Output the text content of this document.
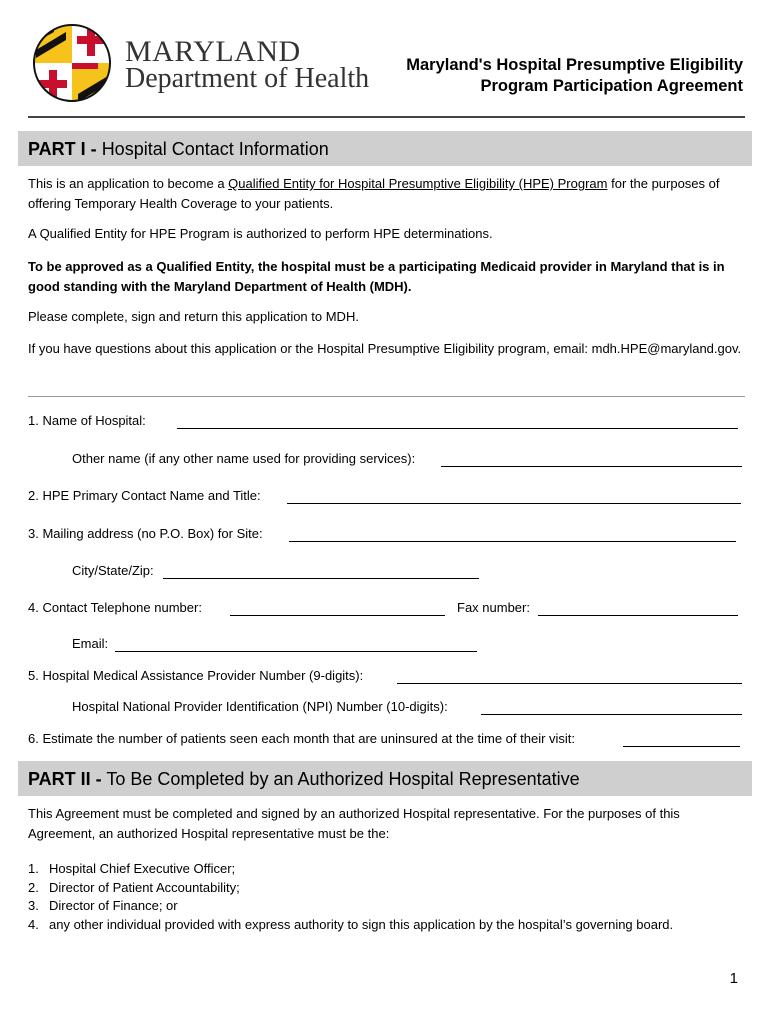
MARYLAND
Department of Health	Maryland's Hospital Presumptive Eligibility
Program Participation Agreement
PART I - Hospital Contact Information
This is an application to become a Qualified Entity for Hospital Presumptive Eligibility (HPE) Program for the purposes of offering Temporary Health Coverage to your patients.
A Qualified Entity for HPE Program is authorized to perform HPE determinations.
To be approved as a Qualified Entity, the hospital must be a participating Medicaid provider in Maryland that is in good standing with the Maryland Department of Health (MDH).
Please complete, sign and return this application to MDH.
If you have questions about this application or the Hospital Presumptive Eligibility program, email: mdh.HPE@maryland.gov.
1. Name of Hospital:
Other name (if any other name used for providing services):
2. HPE Primary Contact Name and Title:
3. Mailing address (no P.O. Box) for Site:
City/State/Zip:
4. Contact Telephone number:	Fax number:
Email:
5. Hospital Medical Assistance Provider Number (9-digits):
Hospital National Provider Identification (NPI) Number (10-digits):
6. Estimate the number of patients seen each month that are uninsured at the time of their visit:
PART II - To Be Completed by an Authorized Hospital Representative
This Agreement must be completed and signed by an authorized Hospital representative. For the purposes of this Agreement, an authorized Hospital representative must be the:
1. Hospital Chief Executive Officer;
2. Director of Patient Accountability;
3. Director of Finance; or
4. any other individual provided with express authority to sign this application by the hospital’s governing board.
1
